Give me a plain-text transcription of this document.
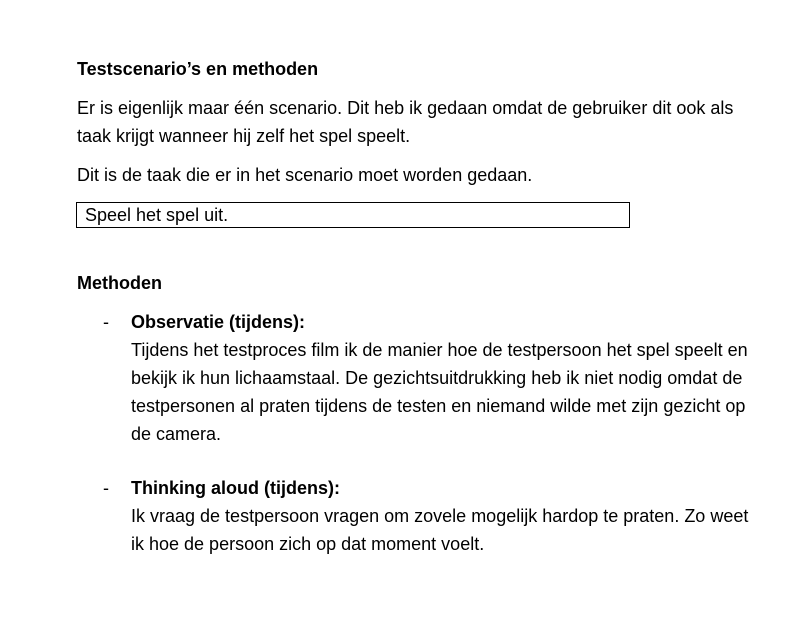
Testscenario’s en methoden

Er is eigenlijk maar één scenario. Dit heb ik gedaan omdat de gebruiker dit ook als taak krijgt wanneer hij zelf het spel speelt.

Dit is de taak die er in het scenario moet worden gedaan.

Speel het spel uit.
Methoden
- Observatie (tijdens):

Tijdens het testproces film ik de manier hoe de testpersoon het spel speelt en bekijk ik hun lichaamstaal. De gezichtsuitdrukking heb ik niet nodig omdat de testpersonen al praten tijdens de testen en niemand wilde met zijn gezicht op de camera.

- Thinking aloud (tijdens):

Ik vraag de testpersoon vragen om zovele mogelijk hardop te praten. Zo weet ik hoe de persoon zich op dat moment voelt.
